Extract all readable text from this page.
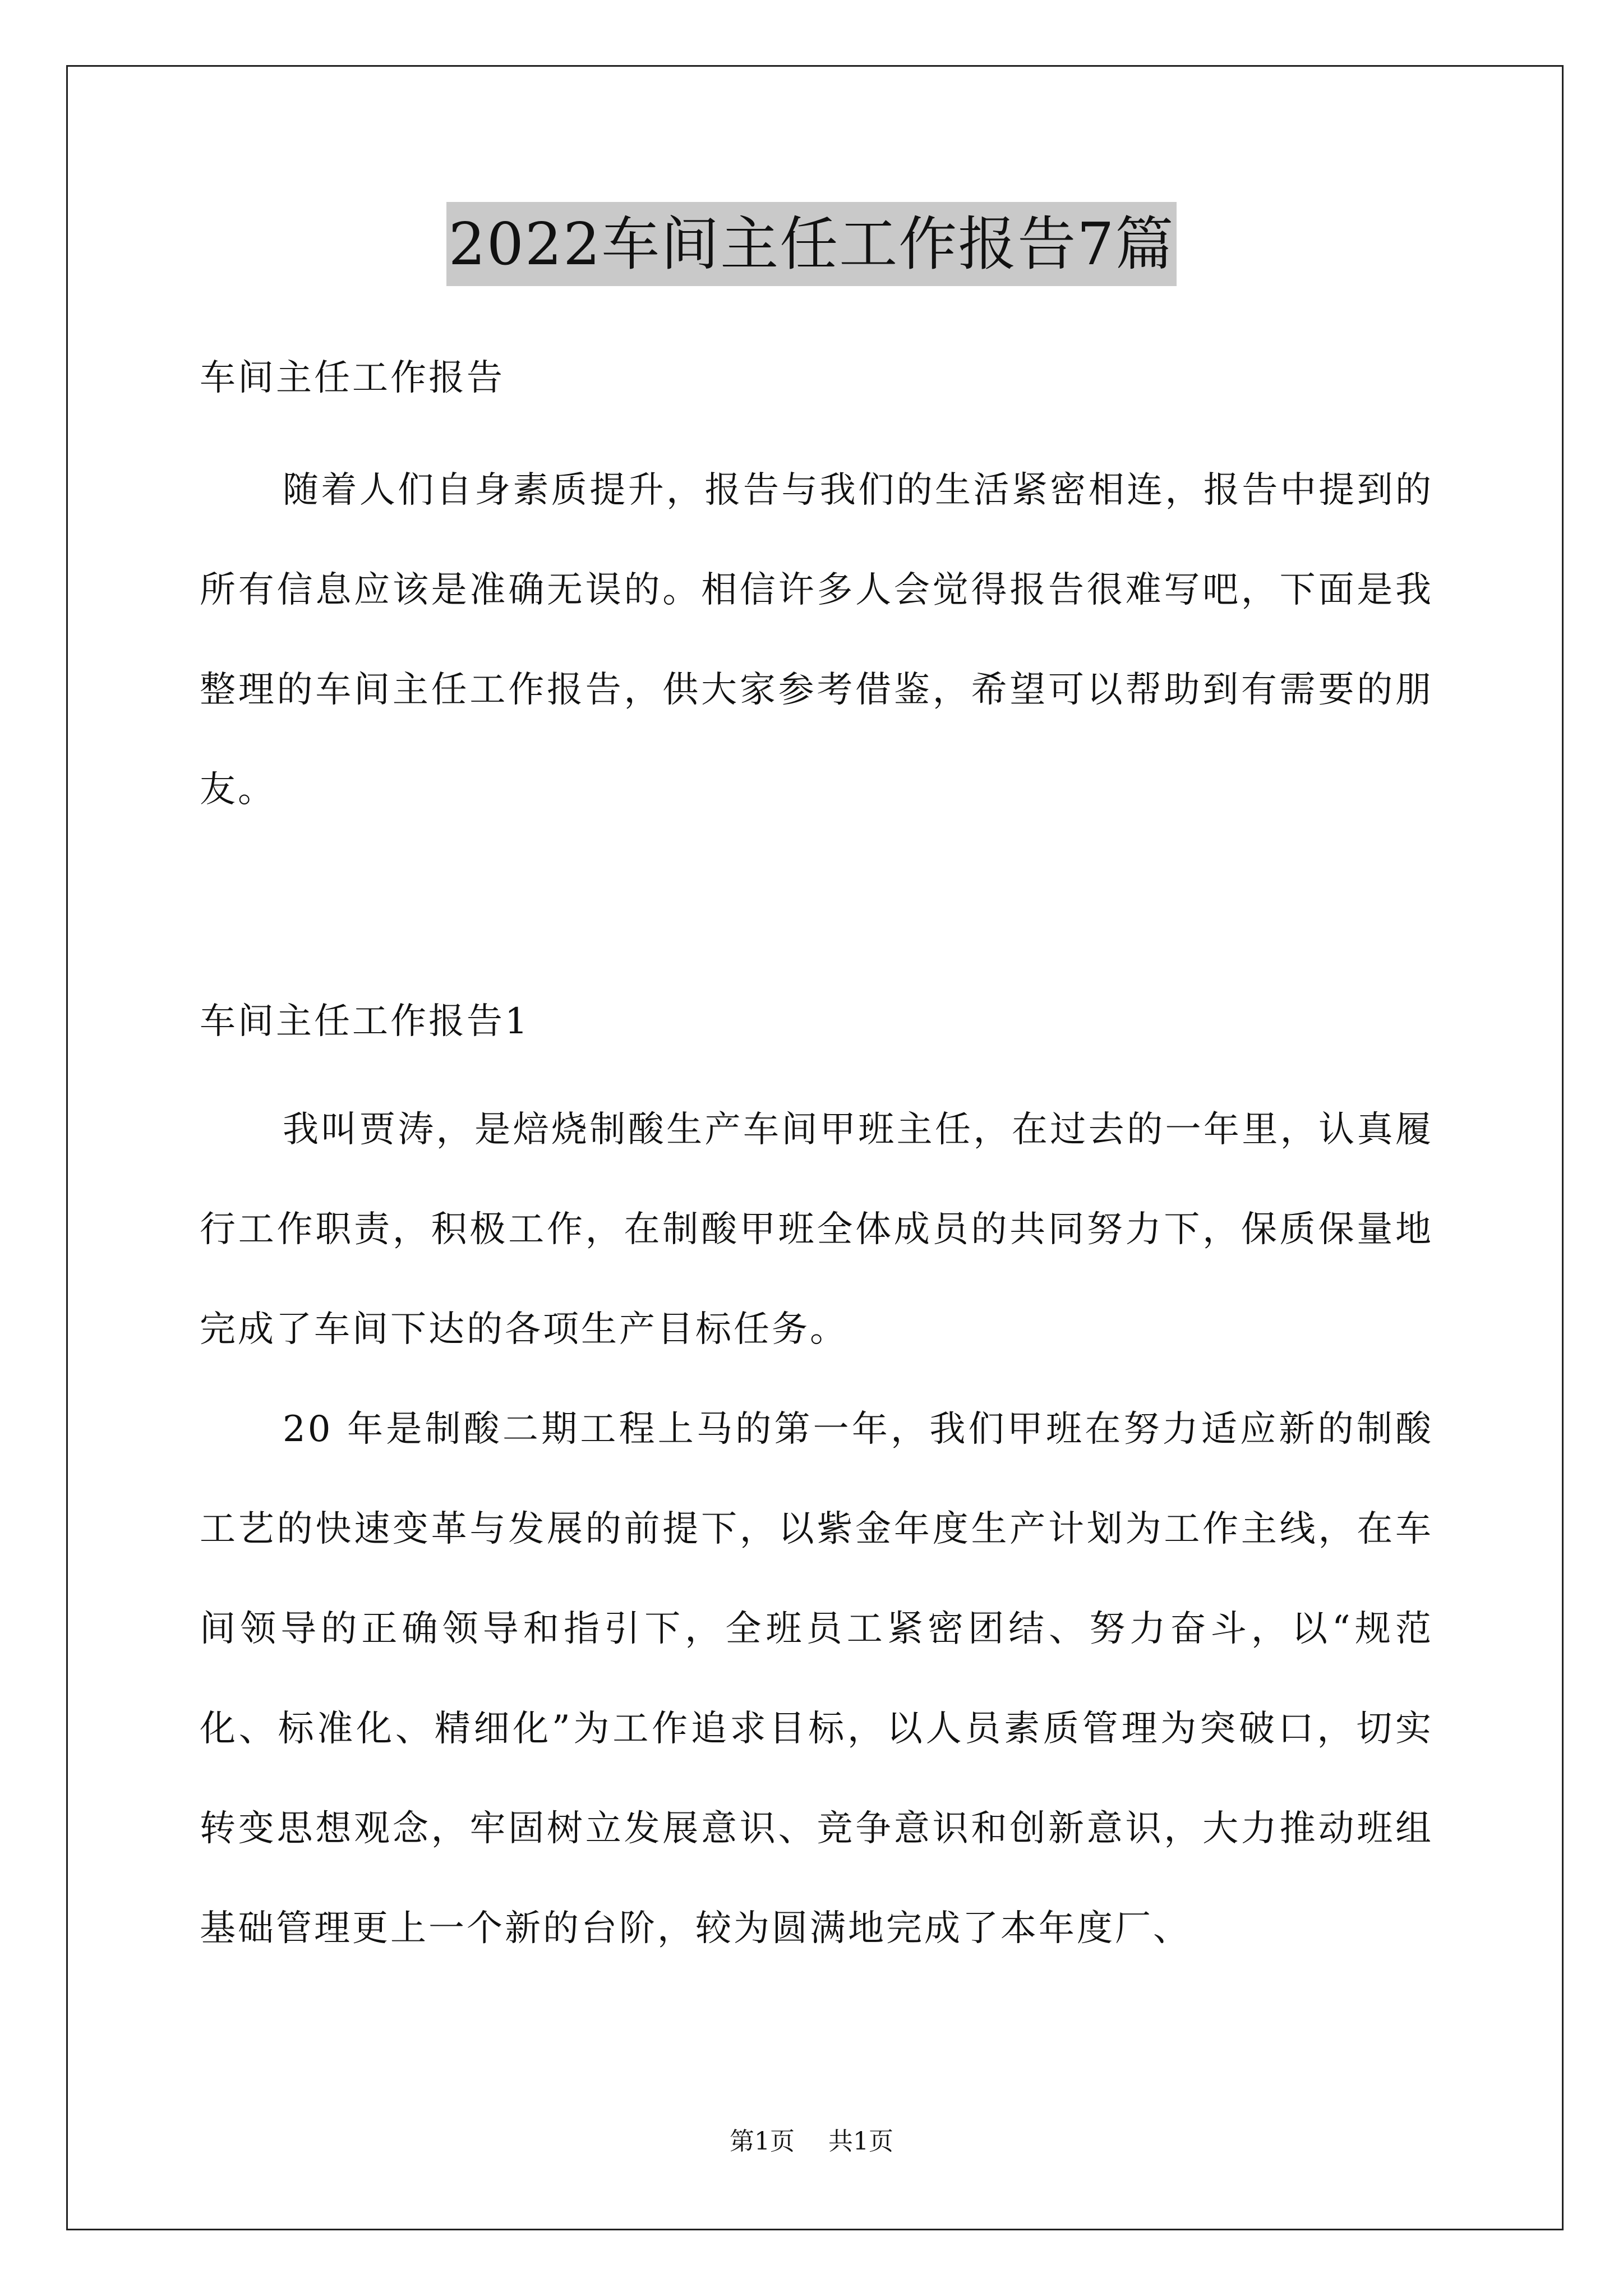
2022车间主任工作报告7篇
车间主任工作报告

随着人们自身素质提升，报告与我们的生活紧密相连，报告中提到的所有信息应该是准确无误的。相信许多人会觉得报告很难写吧，下面是我整理的车间主任工作报告，供大家参考借鉴，希望可以帮助到有需要的朋友。

车间主任工作报告1

我叫贾涛，是焙烧制酸生产车间甲班主任，在过去的一年里，认真履行工作职责，积极工作，在制酸甲班全体成员的共同努力下，保质保量地完成了车间下达的各项生产目标任务。

20 年是制酸二期工程上马的第一年，我们甲班在努力适应新的制酸工艺的快速变革与发展的前提下，以紫金年度生产计划为工作主线，在车间领导的正确领导和指引下，全班员工紧密团结、努力奋斗，以“规范化、标准化、精细化”为工作追求目标，以人员素质管理为突破口，切实转变思想观念，牢固树立发展意识、竞争意识和创新意识，大力推动班组基础管理更上一个新的台阶，较为圆满地完成了本年度厂、

第1页 共1页
